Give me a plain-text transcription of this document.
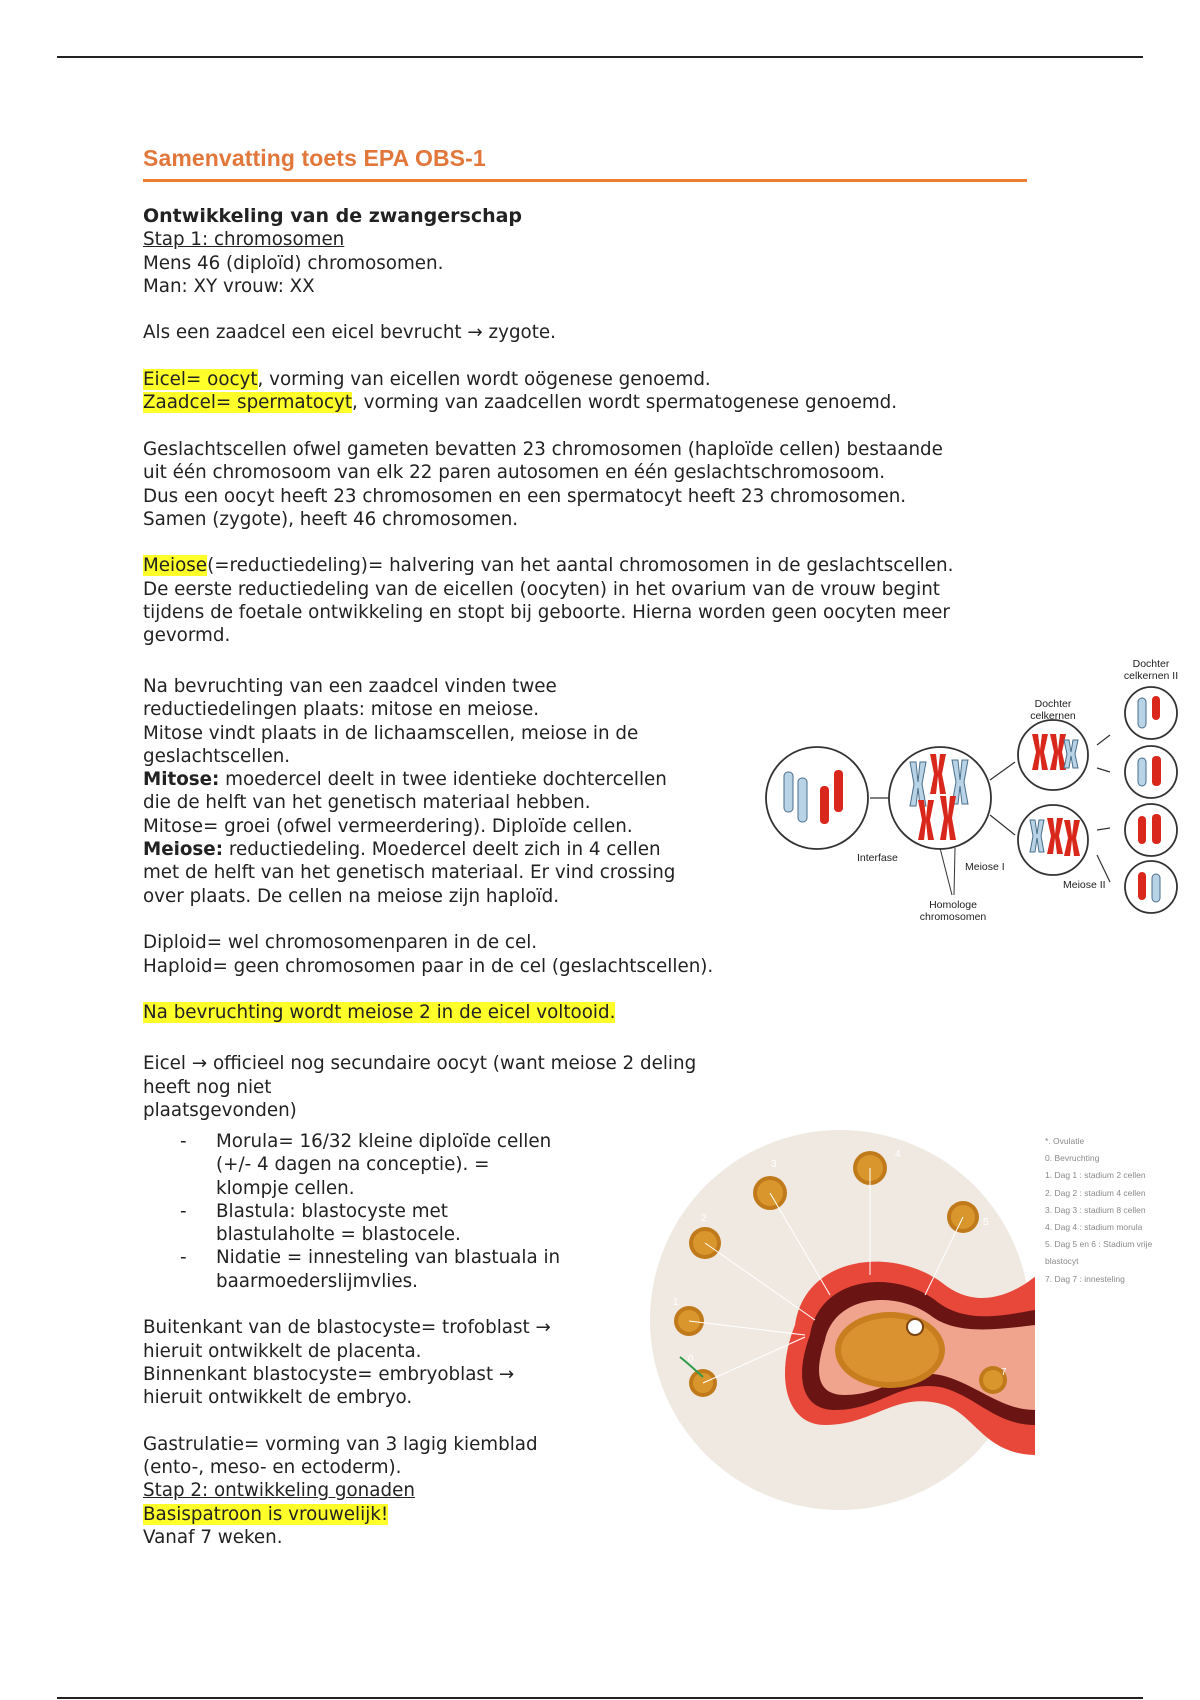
Samenvatting toets EPA OBS-1

Ontwikkeling van de zwangerschap

Stap 1: chromosomen

Mens 46 (diploïd) chromosomen.

Man: XY vrouw: XX

Als een zaadcel een eicel bevrucht → zygote.

Eicel= oocyt, vorming van eicellen wordt oögenese genoemd.

Zaadcel= spermatocyt, vorming van zaadcellen wordt spermatogenese genoemd.

Geslachtscellen ofwel gameten bevatten 23 chromosomen (haploïde cellen) bestaande

uit één chromosoom van elk 22 paren autosomen en één geslachtschromosoom.

Dus een oocyt heeft 23 chromosomen en een spermatocyt heeft 23 chromosomen.

Samen (zygote), heeft 46 chromosomen.

Meiose(=reductiedeling)= halvering van het aantal chromosomen in de geslachtscellen.

De eerste reductiedeling van de eicellen (oocyten) in het ovarium van de vrouw begint

tijdens de foetale ontwikkeling en stopt bij geboorte. Hierna worden geen oocyten meer

gevormd.

Na bevruchting van een zaadcel vinden twee

reductiedelingen plaats: mitose en meiose.

Mitose vindt plaats in de lichaamscellen, meiose in de

geslachtscellen.

Mitose: moedercel deelt in twee identieke dochtercellen

die de helft van het genetisch materiaal hebben.

Mitose= groei (ofwel vermeerdering). Diploïde cellen.

Meiose: reductiedeling. Moedercel deelt zich in 4 cellen

met de helft van het genetisch materiaal. Er vind crossing

over plaats. De cellen na meiose zijn haploïd.

Diploid= wel chromosomenparen in de cel.

Haploid= geen chromosomen paar in de cel (geslachtscellen).

Na bevruchting wordt meiose 2 in de eicel voltooid.

Eicel → officieel nog secundaire oocyt (want meiose 2 deling heeft nog niet

plaatsgevonden)

- Morula= 16/32 kleine diploïde cellen

(+/- 4 dagen na conceptie). =

klompje cellen.

- Blastula: blastocyste met

blastulaholte = blastocele.

- Nidatie = innesteling van blastuala in

baarmoederslijmvlies.

Buitenkant van de blastocyste= trofoblast →

hieruit ontwikkelt de placenta.

Binnenkant blastocyste= embryoblast →

hieruit ontwikkelt de embryo.

Gastrulatie= vorming van 3 lagig kiemblad

(ento-, meso- en ectoderm).

Stap 2: ontwikkeling gonaden

Basispatroon is vrouwelijk!

Vanaf 7 weken.

Interfase
Dochter
celkernen
Dochter
celkernen II
Meiose I
Meiose II
Homologe
chromosomen
0
1
2
3
4
5
7
*. Ovulatie
0. Bevruchting
1. Dag 1 : stadium 2 cellen
2. Dag 2 : stadium 4 cellen
3. Dag 3 : stadium 8 cellen
4. Dag 4 : stadium morula
5. Dag 5 en 6 : Stadium vrije
blastocyt
7. Dag 7 : innesteling
